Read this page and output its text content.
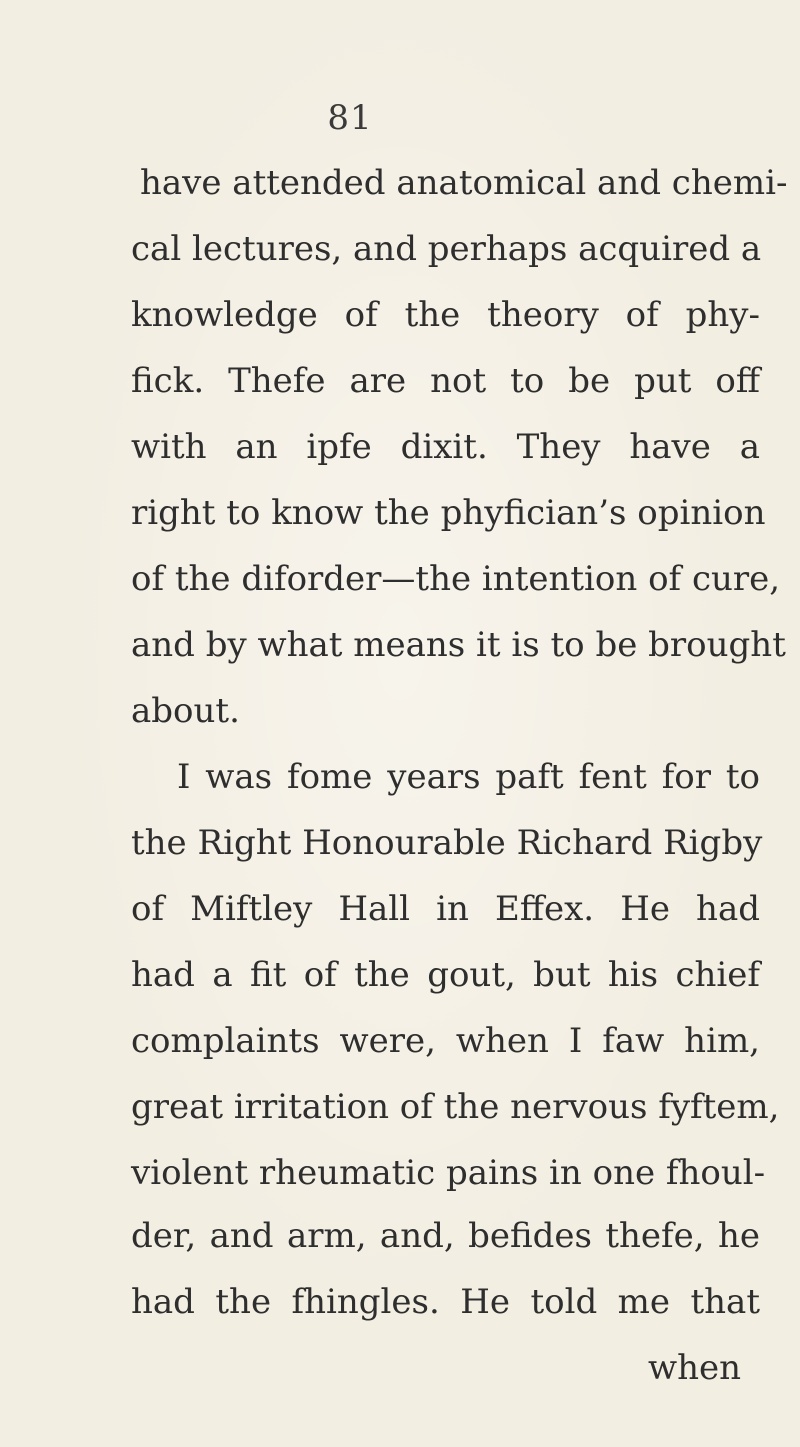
81
have attended anatomical and chemi-
cal lectures, and perhaps acquired a
knowledge of the theory of phy-
fick. Thefe are not to be put off
with an ipfe dixit. They have a
right to know the phyfician’s opinion
of the diforder—the intention of cure,
and by what means it is to be brought
about.
I was fome years paft fent for to
the Right Honourable Richard Rigby
of Miftley Hall in Effex. He had
had a fit of the gout, but his chief
complaints were, when I faw him,
great irritation of the nervous fyftem,
violent rheumatic pains in one fhoul-
der, and arm, and, befides thefe, he
had the fhingles. He told me that
when
